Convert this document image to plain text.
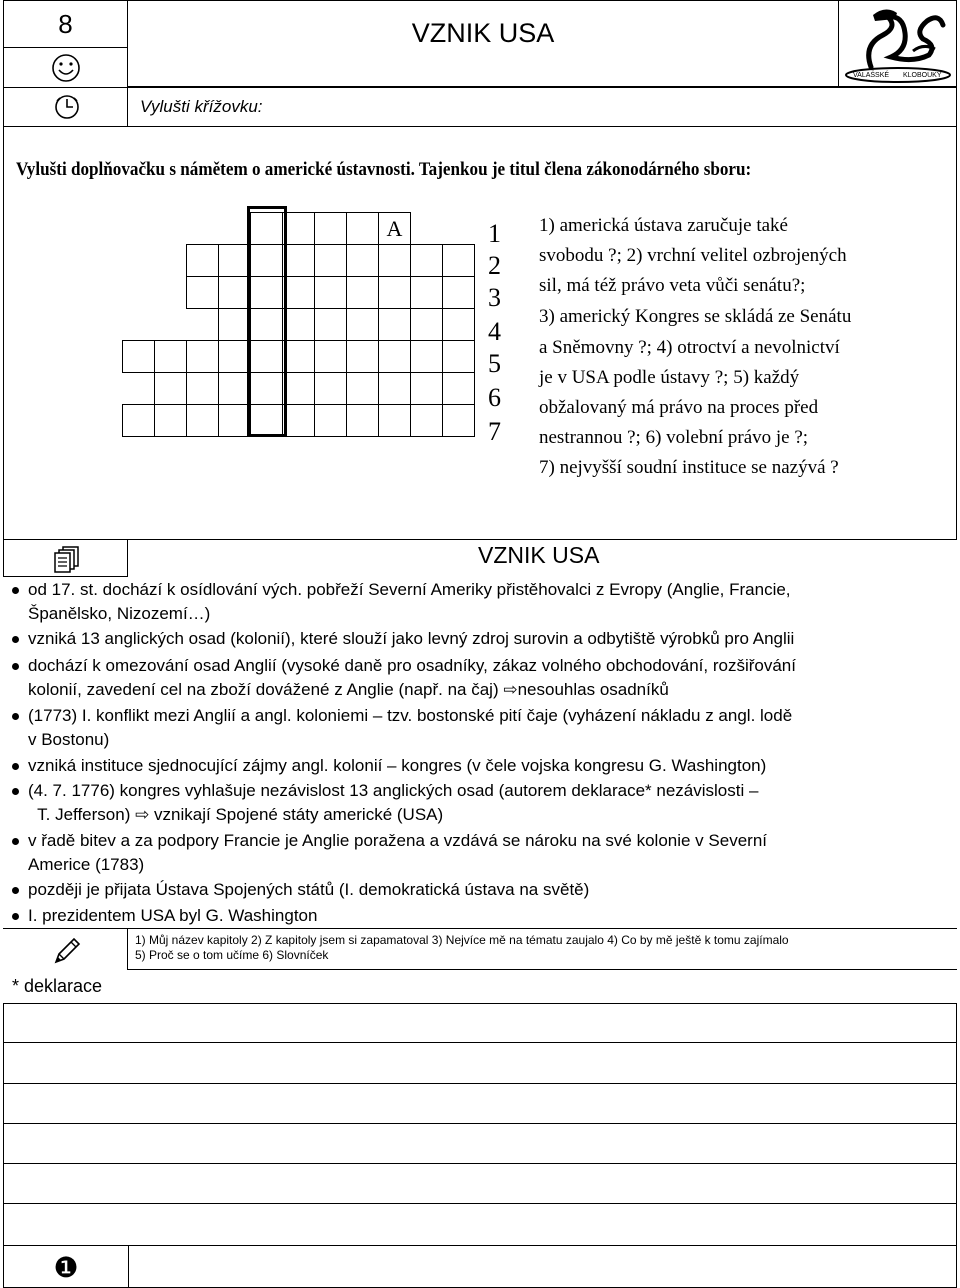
8	VZNIK USA
VALAŠSKÉ KLOBOUKY
Vylušti křížovku:
Vylušti doplňovačku s námětem o americké ústavnosti. Tajenkou je titul člena zákonodárného sboru:
A	1
2
3
4
5
6
7
1) americká ústava zaručuje také
svobodu ?; 2) vrchní velitel ozbrojených
sil, má též právo veta vůči senátu?;
3) americký Kongres se skládá ze Senátu
a Sněmovny ?; 4) otroctví a nevolnictví
je v USA podle ústavy ?; 5) každý
obžalovaný má právo na proces před
nestrannou ?; 6) volební právo je ?;
7) nejvyšší soudní instituce se nazývá ?
VZNIK USA
od 17. st. dochází k osídlování vých. pobřeží Severní Ameriky přistěhovalci z Evropy (Anglie, Francie,
Španělsko, Nizozemí…)
vzniká 13 anglických osad (kolonií), které slouží jako levný zdroj surovin a odbytiště výrobků pro Anglii
dochází k omezování osad Anglií (vysoké daně pro osadníky, zákaz volného obchodování, rozšiřování
kolonií, zavedení cel na zboží dovážené z Anglie (např. na čaj) ⇨nesouhlas osadníků
(1773) I. konflikt mezi Anglií a angl. koloniemi – tzv. bostonské pití čaje (vyházení nákladu z angl. lodě
v Bostonu)
vzniká instituce sjednocující zájmy angl. kolonií – kongres (v čele vojska kongresu G. Washington)
(4. 7. 1776) kongres vyhlašuje nezávislost 13 anglických osad (autorem deklarace* nezávislosti –
T. Jefferson) ⇨ vznikají Spojené státy americké (USA)
v řadě bitev a za podpory Francie je Anglie poražena a vzdává se nároku na své kolonie v Severní
Americe (1783)
později je přijata Ústava Spojených států (I. demokratická ústava na světě)
I. prezidentem USA byl G. Washington
1) Můj název kapitoly 2) Z kapitoly jsem si zapamatoval 3) Nejvíce mě na tématu zaujalo 4) Co by mě ještě k tomu zajímalo
5) Proč se o tom učíme 6) Slovníček
* deklarace
❶
